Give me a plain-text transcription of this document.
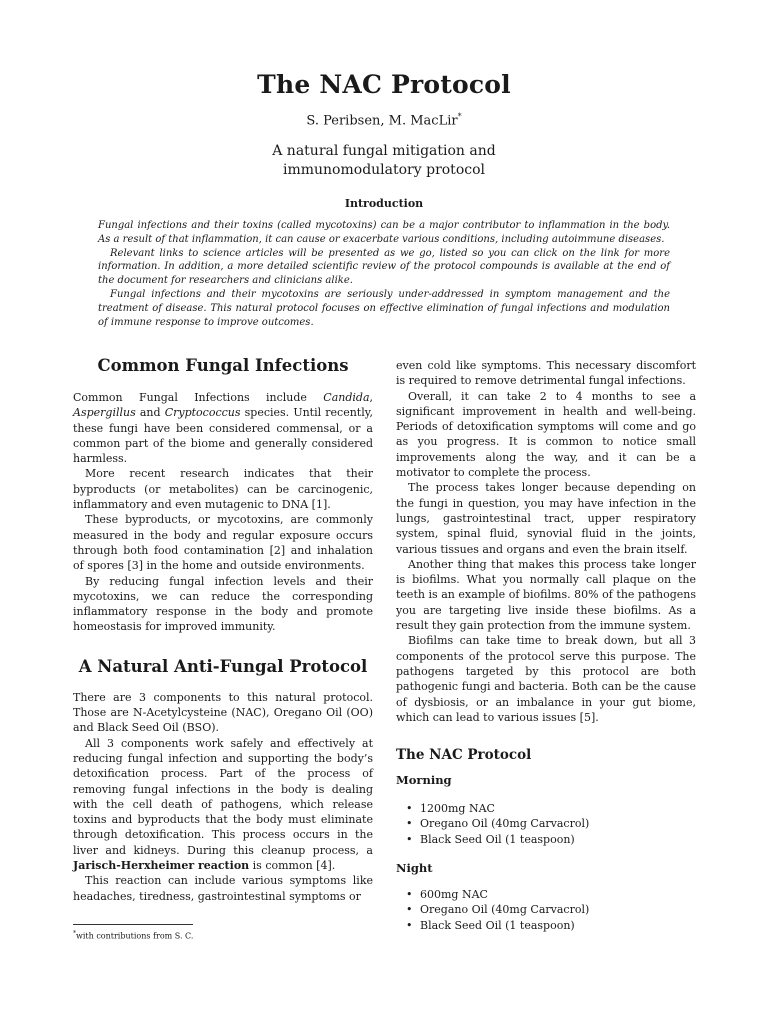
The NAC Protocol
S. Peribsen, M. MacLir*
A natural fungal mitigation and
immunomodulatory protocol
Introduction

Fungal infections and their toxins (called mycotoxins) can be a major contributor to inflammation in the body. As a result of that inflammation, it can cause or exacerbate various conditions, including autoimmune diseases.

Relevant links to science articles will be presented as we go, listed so you can click on the link for more information. In addition, a more detailed scientific review of the protocol compounds is available at the end of the document for researchers and clinicians alike.

Fungal infections and their mycotoxins are seriously under-addressed in symptom management and the treatment of disease. This natural protocol focuses on effective elimination of fungal infections and modulation of immune response to improve outcomes.

Common Fungal Infections

Common Fungal Infections include Candida, Aspergillus and Cryptococcus species. Until recently, these fungi have been considered commensal, or a common part of the biome and generally considered harmless.

More recent research indicates that their byproducts (or metabolites) can be carcinogenic, inflammatory and even mutagenic to DNA [1].

These byproducts, or mycotoxins, are commonly measured in the body and regular exposure occurs through both food contamination [2] and inhalation of spores [3] in the home and outside environments.

By reducing fungal infection levels and their mycotoxins, we can reduce the corresponding inflammatory response in the body and promote homeostasis for improved immunity.

A Natural Anti-Fungal Protocol

There are 3 components to this natural protocol. Those are N-Acetylcysteine (NAC), Oregano Oil (OO) and Black Seed Oil (BSO).

All 3 components work safely and effectively at reducing fungal infection and supporting the body’s detoxification process. Part of the process of removing fungal infections in the body is dealing with the cell death of pathogens, which release toxins and byproducts that the body must eliminate through detoxification. This process occurs in the liver and kidneys. During this cleanup process, a Jarisch-Herxheimer reaction is common [4].

This reaction can include various symptoms like headaches, tiredness, gastrointestinal symptoms or

even cold like symptoms. This necessary discomfort is required to remove detrimental fungal infections.

Overall, it can take 2 to 4 months to see a significant improvement in health and well-being. Periods of detoxification symptoms will come and go as you progress. It is common to notice small improvements along the way, and it can be a motivator to complete the process.

The process takes longer because depending on the fungi in question, you may have infection in the lungs, gastrointestinal tract, upper respiratory system, spinal fluid, synovial fluid in the joints, various tissues and organs and even the brain itself.

Another thing that makes this process take longer is biofilms. What you normally call plaque on the teeth is an example of biofilms. 80% of the pathogens you are targeting live inside these biofilms. As a result they gain protection from the immune system.

Biofilms can take time to break down, but all 3 components of the protocol serve this purpose. The pathogens targeted by this protocol are both pathogenic fungi and bacteria. Both can be the cause of dysbiosis, or an imbalance in your gut biome, which can lead to various issues [5].

The NAC Protocol
Morning
• 1200mg NAC
• Oregano Oil (40mg Carvacrol)
• Black Seed Oil (1 teaspoon)
Night
• 600mg NAC
• Oregano Oil (40mg Carvacrol)
• Black Seed Oil (1 teaspoon)
*with contributions from S. C.
